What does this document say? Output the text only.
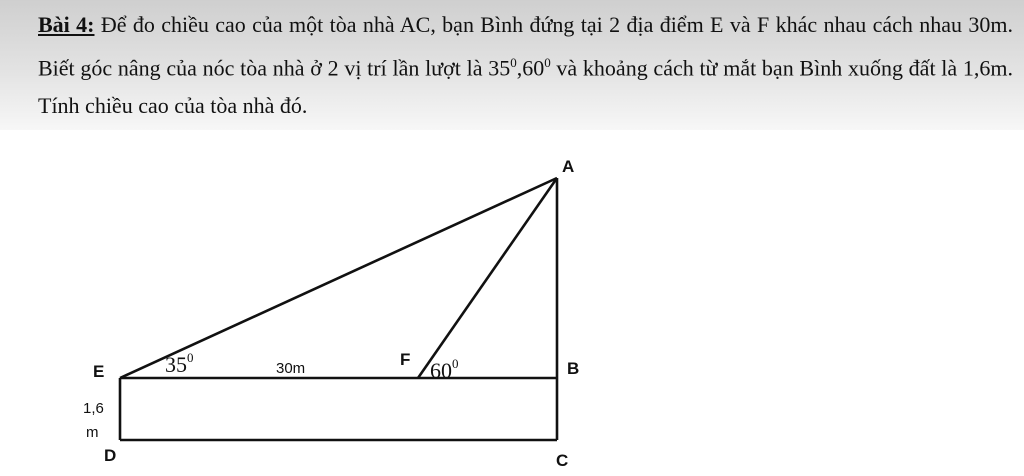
Bài 4: Để đo chiều cao của một tòa nhà AC, bạn Bình đứng tại 2 địa điểm E và F khác nhau cách nhau 30m. Biết góc nâng của nóc tòa nhà ở 2 vị trí lần lượt là $35^0,60^0$ và khoảng cách từ mắt bạn Bình xuống đất là 1,6m. Tính chiều cao của tòa nhà đó.
A
B
C
D
E
F
$35^0$
$60^0$
30m
1,6
m
